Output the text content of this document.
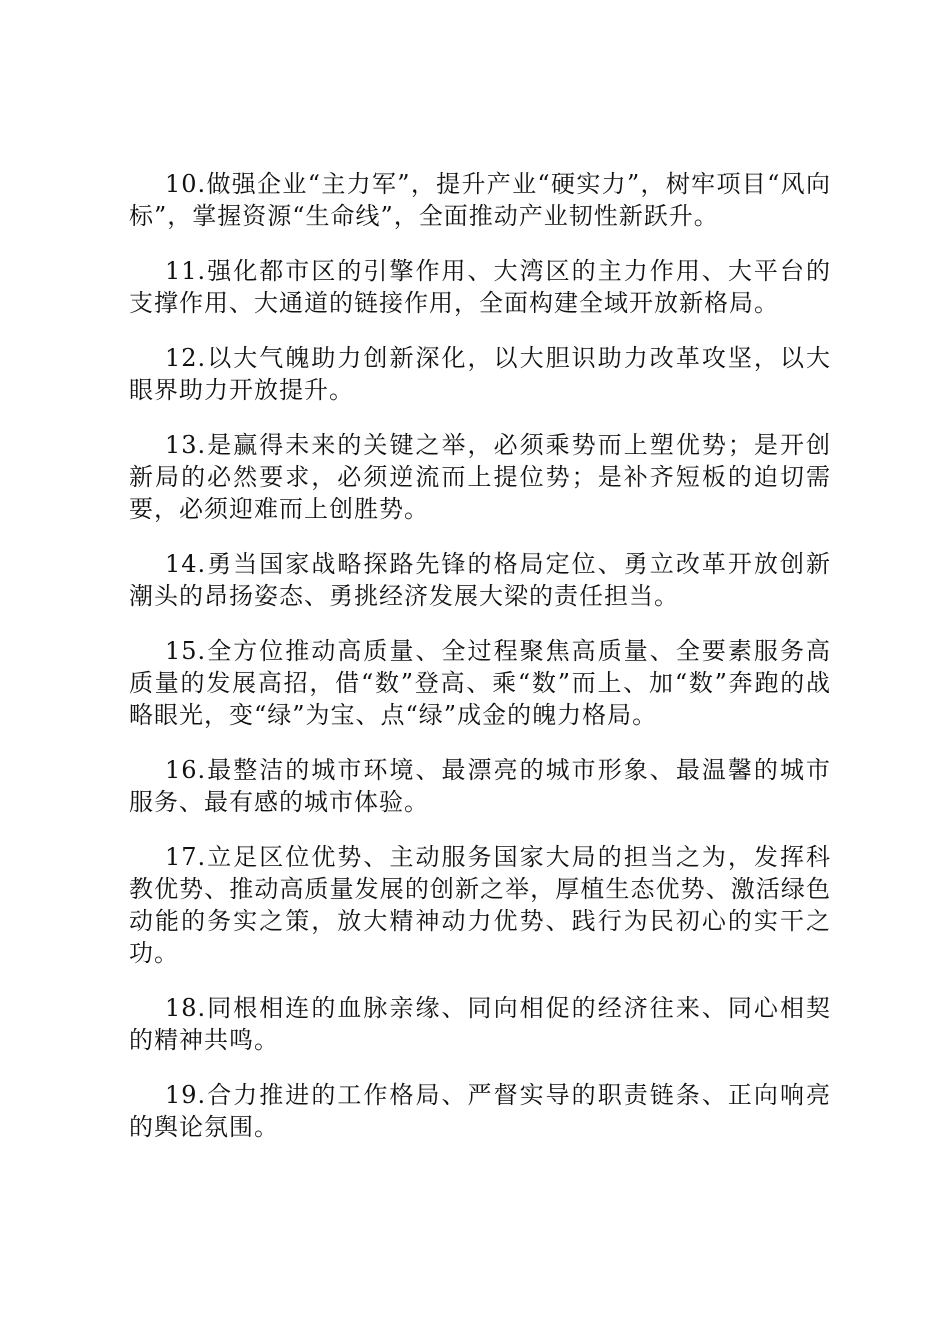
10.做强企业“主力军”，提升产业“硬实力”，树牢项目“风向标”，掌握资源“生命线”，全面推动产业韧性新跃升。

11.强化都市区的引擎作用、大湾区的主力作用、大平台的支撑作用、大通道的链接作用，全面构建全域开放新格局。

12.以大气魄助力创新深化，以大胆识助力改革攻坚，以大眼界助力开放提升。

13.是赢得未来的关键之举，必须乘势而上塑优势；是开创新局的必然要求，必须逆流而上提位势；是补齐短板的迫切需要，必须迎难而上创胜势。

14.勇当国家战略探路先锋的格局定位、勇立改革开放创新潮头的昂扬姿态、勇挑经济发展大梁的责任担当。

15.全方位推动高质量、全过程聚焦高质量、全要素服务高质量的发展高招，借“数”登高、乘“数”而上、加“数”奔跑的战略眼光，变“绿”为宝、点“绿”成金的魄力格局。

16.最整洁的城市环境、最漂亮的城市形象、最温馨的城市服务、最有感的城市体验。

17.立足区位优势、主动服务国家大局的担当之为，发挥科教优势、推动高质量发展的创新之举，厚植生态优势、激活绿色动能的务实之策，放大精神动力优势、践行为民初心的实干之功。

18.同根相连的血脉亲缘、同向相促的经济往来、同心相契的精神共鸣。

19.合力推进的工作格局、严督实导的职责链条、正向响亮的舆论氛围。
